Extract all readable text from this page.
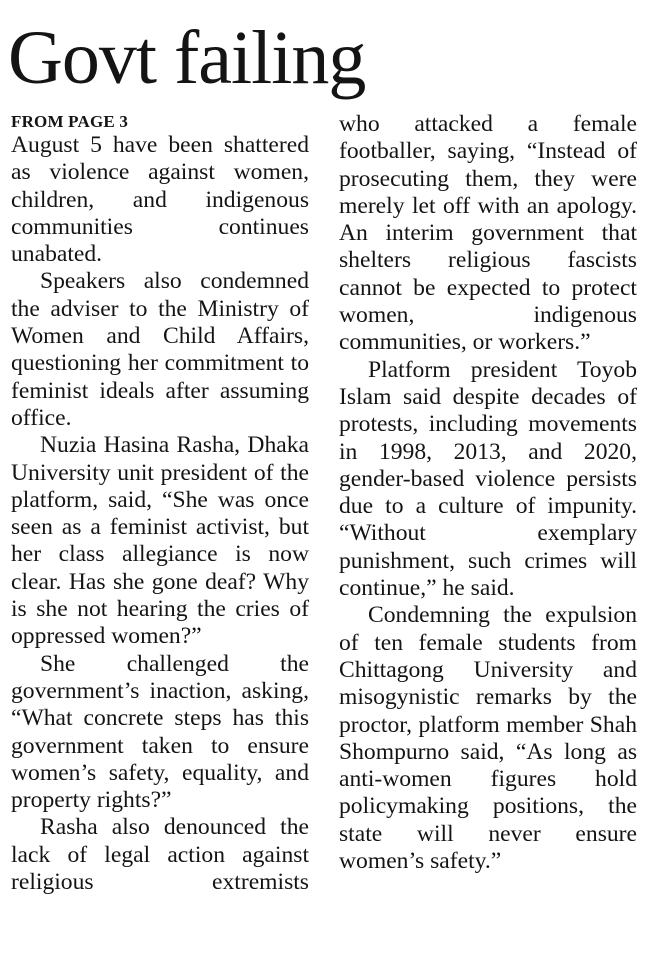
Govt failing
FROM PAGE 3

August 5 have been shattered as violence against women, children, and indigenous communities continues unabated.

Speakers also condemned the adviser to the Ministry of Women and Child Affairs, questioning her commitment to feminist ideals after assuming office.

Nuzia Hasina Rasha, Dhaka University unit president of the platform, said, “She was once seen as a feminist activist, but her class allegiance is now clear. Has she gone deaf? Why is she not hearing the cries of oppressed women?”

She challenged the government’s inaction, asking, “What concrete steps has this government taken to ensure women’s safety, equality, and property rights?”

Rasha also denounced the lack of legal action against religious extremists

who attacked a female footballer, saying, “Instead of prosecuting them, they were merely let off with an apology. An interim government that shelters religious fascists cannot be expected to protect women, indigenous communities, or workers.”

Platform president Toyob Islam said despite decades of protests, including movements in 1998, 2013, and 2020, gender-based violence persists due to a culture of impunity. “Without exemplary punishment, such crimes will continue,” he said.

Condemning the expulsion of ten female students from Chittagong University and misogynistic remarks by the proctor, platform member Shah Shompurno said, “As long as anti-women figures hold policymaking positions, the state will never ensure women’s safety.”
